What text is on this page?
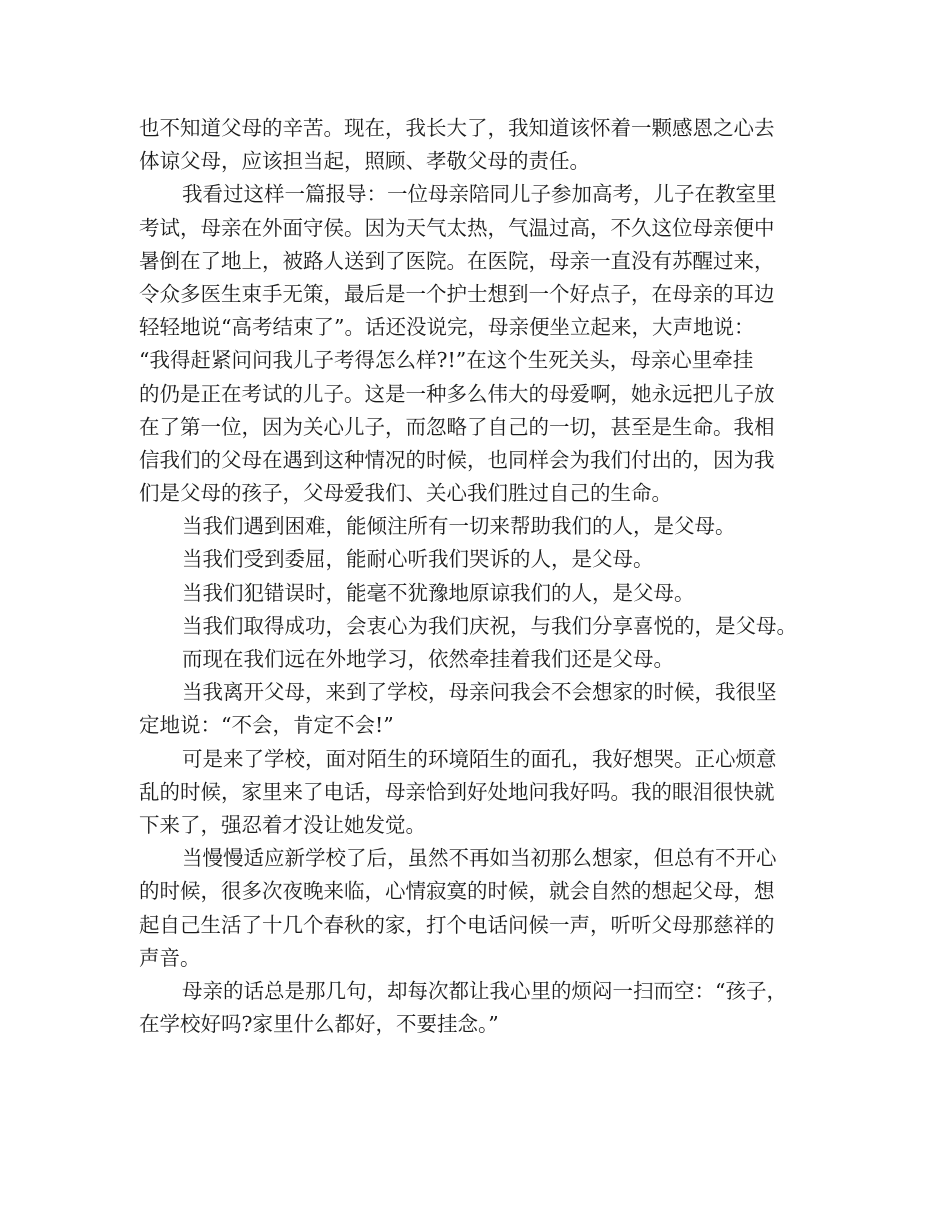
也不知道父母的辛苦。现在，我长大了，我知道该怀着一颗感恩之心去
体谅父母，应该担当起，照顾、孝敬父母的责任。
我看过这样一篇报导：一位母亲陪同儿子参加高考，儿子在教室里
考试，母亲在外面守侯。因为天气太热，气温过高，不久这位母亲便中
暑倒在了地上，被路人送到了医院。在医院，母亲一直没有苏醒过来，
令众多医生束手无策，最后是一个护士想到一个好点子，在母亲的耳边
轻轻地说“高考结束了”。话还没说完，母亲便坐立起来，大声地说：
“我得赶紧问问我儿子考得怎么样?!”在这个生死关头，母亲心里牵挂
的仍是正在考试的儿子。这是一种多么伟大的母爱啊，她永远把儿子放
在了第一位，因为关心儿子，而忽略了自己的一切，甚至是生命。我相
信我们的父母在遇到这种情况的时候，也同样会为我们付出的，因为我
们是父母的孩子，父母爱我们、关心我们胜过自己的生命。
当我们遇到困难，能倾注所有一切来帮助我们的人，是父母。
当我们受到委屈，能耐心听我们哭诉的人，是父母。
当我们犯错误时，能毫不犹豫地原谅我们的人，是父母。
当我们取得成功，会衷心为我们庆祝，与我们分享喜悦的，是父母。
而现在我们远在外地学习，依然牵挂着我们还是父母。
当我离开父母，来到了学校，母亲问我会不会想家的时候，我很坚
定地说：“不会，肯定不会!”
可是来了学校，面对陌生的环境陌生的面孔，我好想哭。正心烦意
乱的时候，家里来了电话，母亲恰到好处地问我好吗。我的眼泪很快就
下来了，强忍着才没让她发觉。
当慢慢适应新学校了后，虽然不再如当初那么想家，但总有不开心
的时候，很多次夜晚来临，心情寂寞的时候，就会自然的想起父母，想
起自己生活了十几个春秋的家，打个电话问候一声，听听父母那慈祥的
声音。
母亲的话总是那几句，却每次都让我心里的烦闷一扫而空：“孩子，
在学校好吗?家里什么都好，不要挂念。”
